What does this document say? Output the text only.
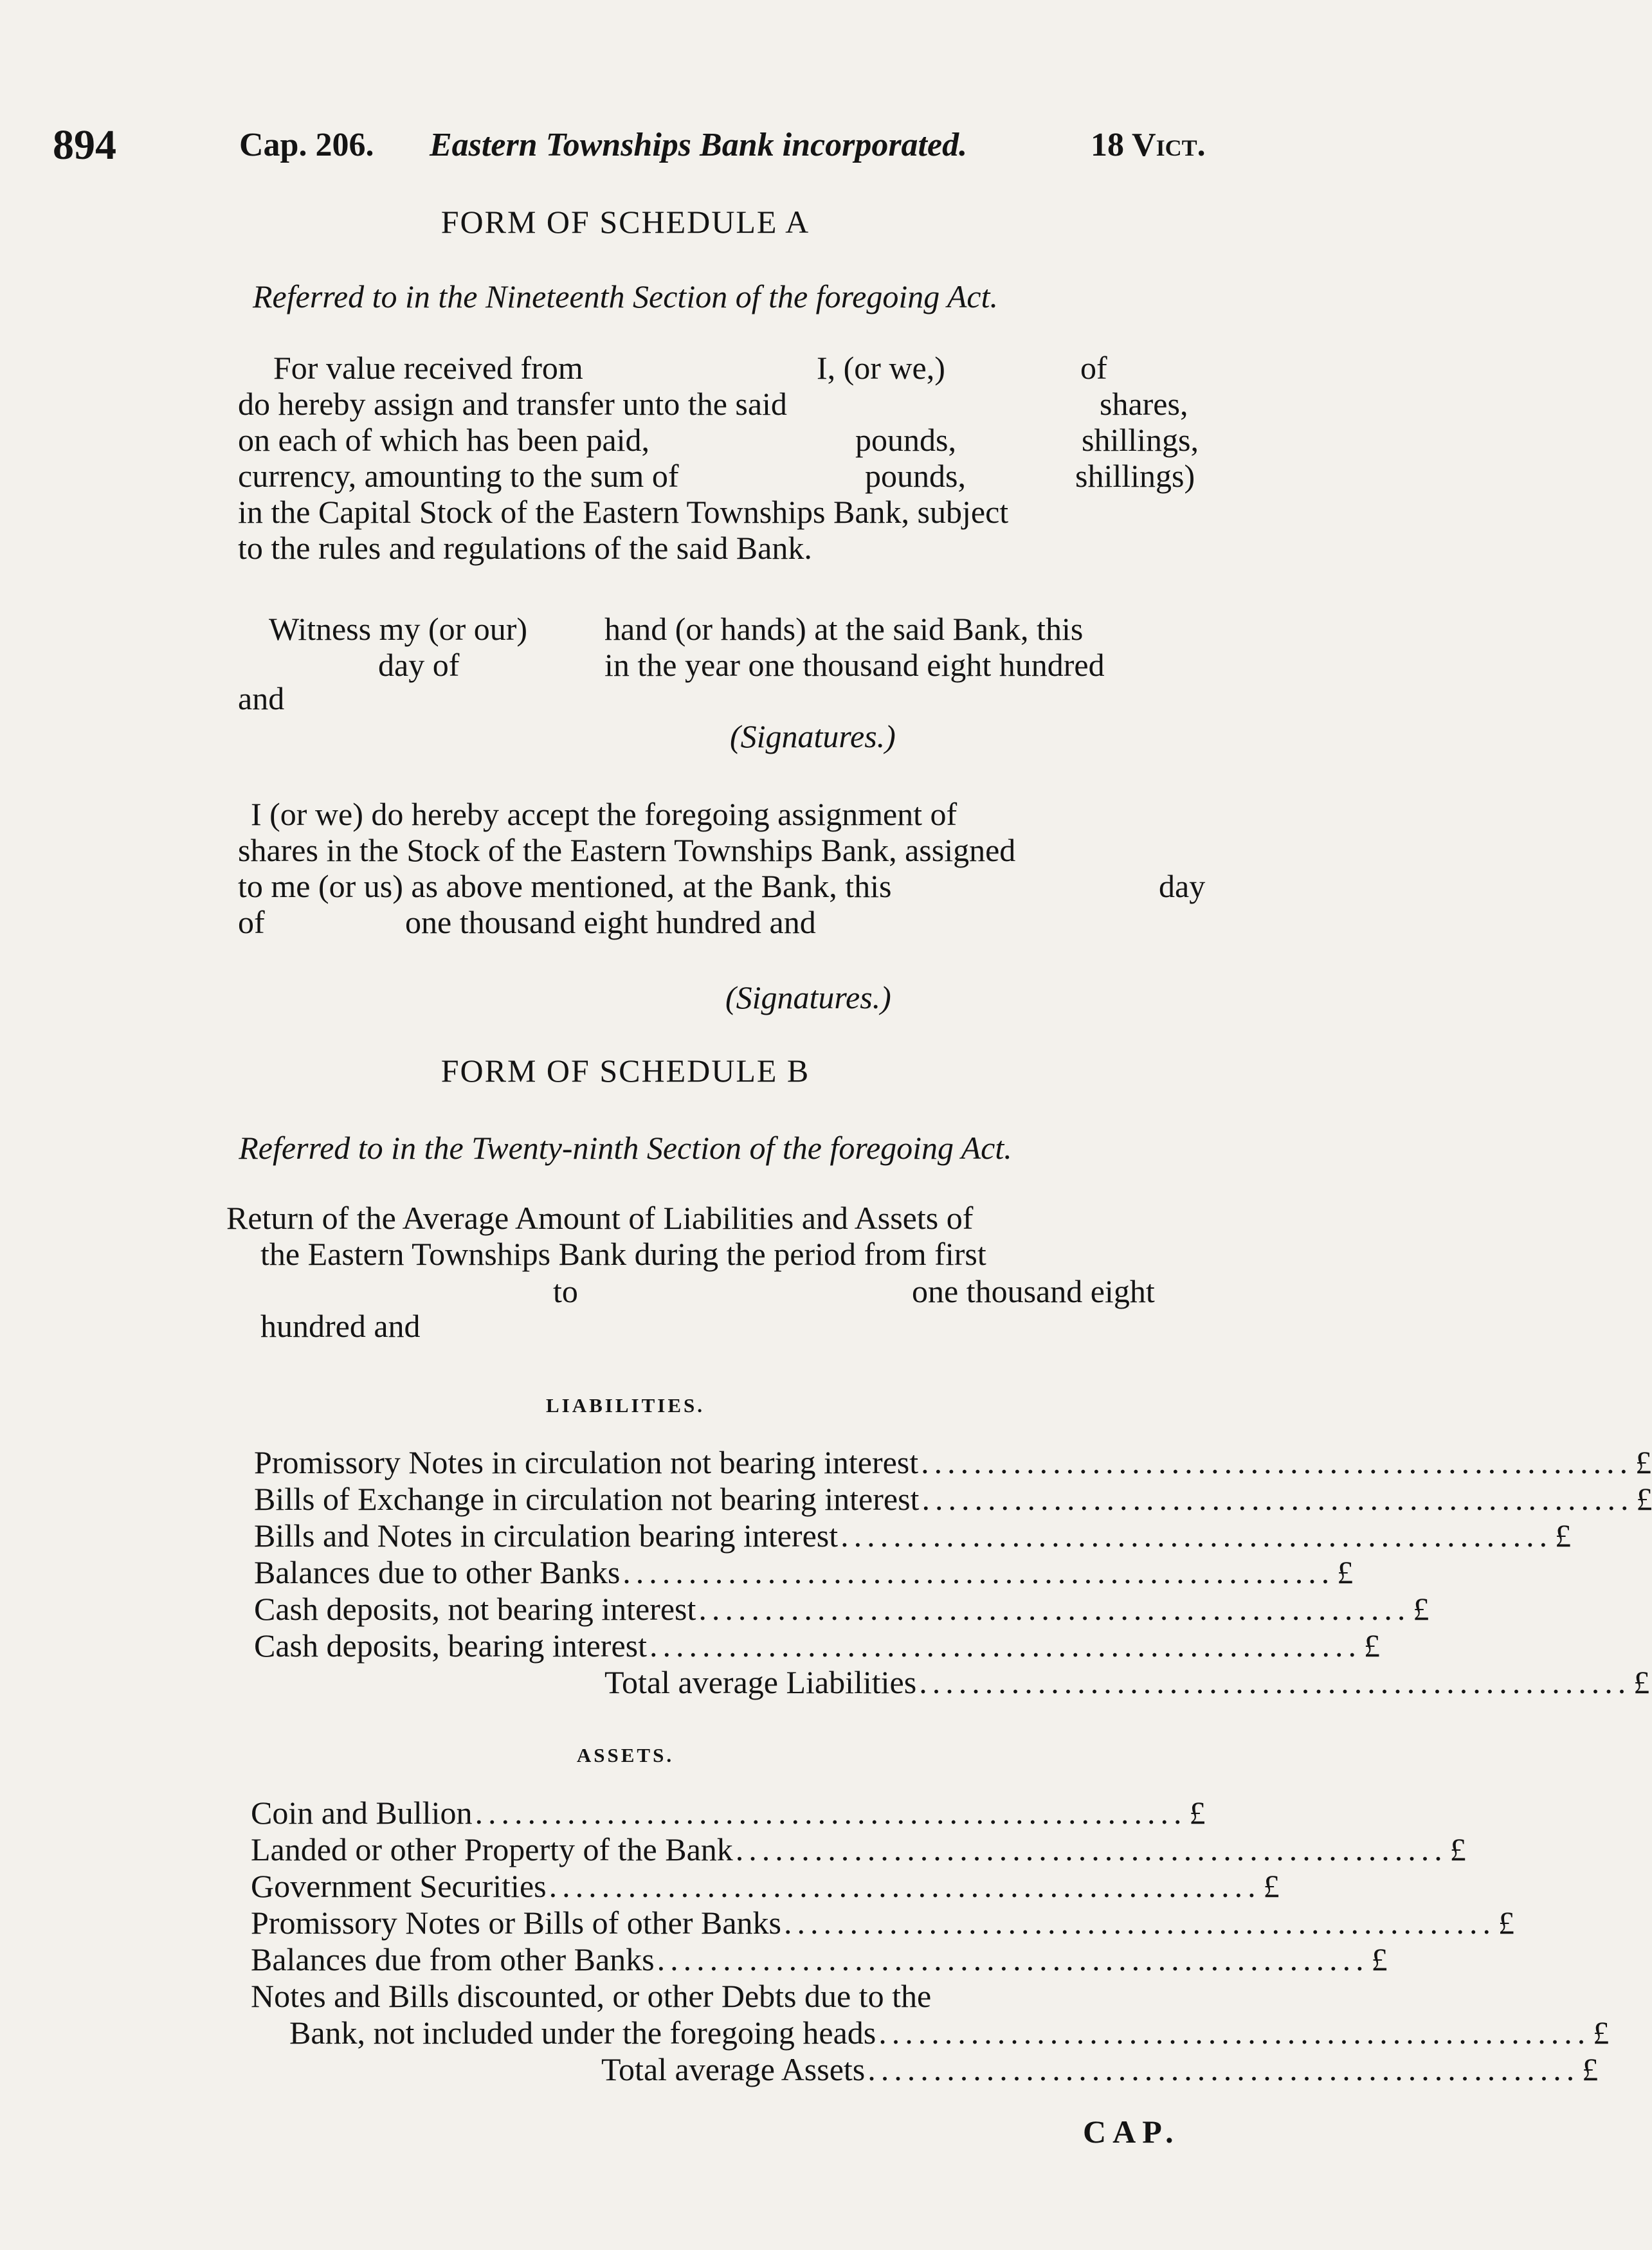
894	Cap. 206. Eastern Townships Bank incorporated.	18 Vict.
FORM OF SCHEDULE A
Referred to in the Nineteenth Section of the foregoing Act.
For value received from	I, (or we,)	of
do hereby assign and transfer unto the said	shares,
on each of which has been paid,	pounds,	shillings,
currency, amounting to the sum of	pounds,	shillings)
in the Capital Stock of the Eastern Townships Bank, subject
to the rules and regulations of the said Bank.
Witness my (or our) hand (or hands) at the said Bank, this
day of	in the year one thousand eight hundred
and
(Signatures.)
I (or we) do hereby accept the foregoing assignment of
shares in the Stock of the Eastern Townships Bank, assigned
to me (or us) as above mentioned, at the Bank, this	day
of	one thousand eight hundred and
(Signatures.)
FORM OF SCHEDULE B
Referred to in the Twenty-ninth Section of the foregoing Act.
Return of the Average Amount of Liabilities and Assets of
the Eastern Townships Bank during the period from first
to	one thousand eight
hundred and
LIABILITIES.
Promissory Notes in circulation not bearing interest ...................................................... £
Bills of Exchange in circulation not bearing interest ...................................................... £
Bills and Notes in circulation bearing interest ...................................................... £
Balances due to other Banks ...................................................... £
Cash deposits, not bearing interest ...................................................... £
Cash deposits, bearing interest ...................................................... £
Total average Liabilities ...................................................... £
ASSETS.
Coin and Bullion ...................................................... £
Landed or other Property of the Bank ...................................................... £
Government Securities ...................................................... £
Promissory Notes or Bills of other Banks ...................................................... £
Balances due from other Banks ...................................................... £
Notes and Bills discounted, or other Debts due to the
Bank, not included under the foregoing heads ...................................................... £
Total average Assets ...................................................... £
CAP.
